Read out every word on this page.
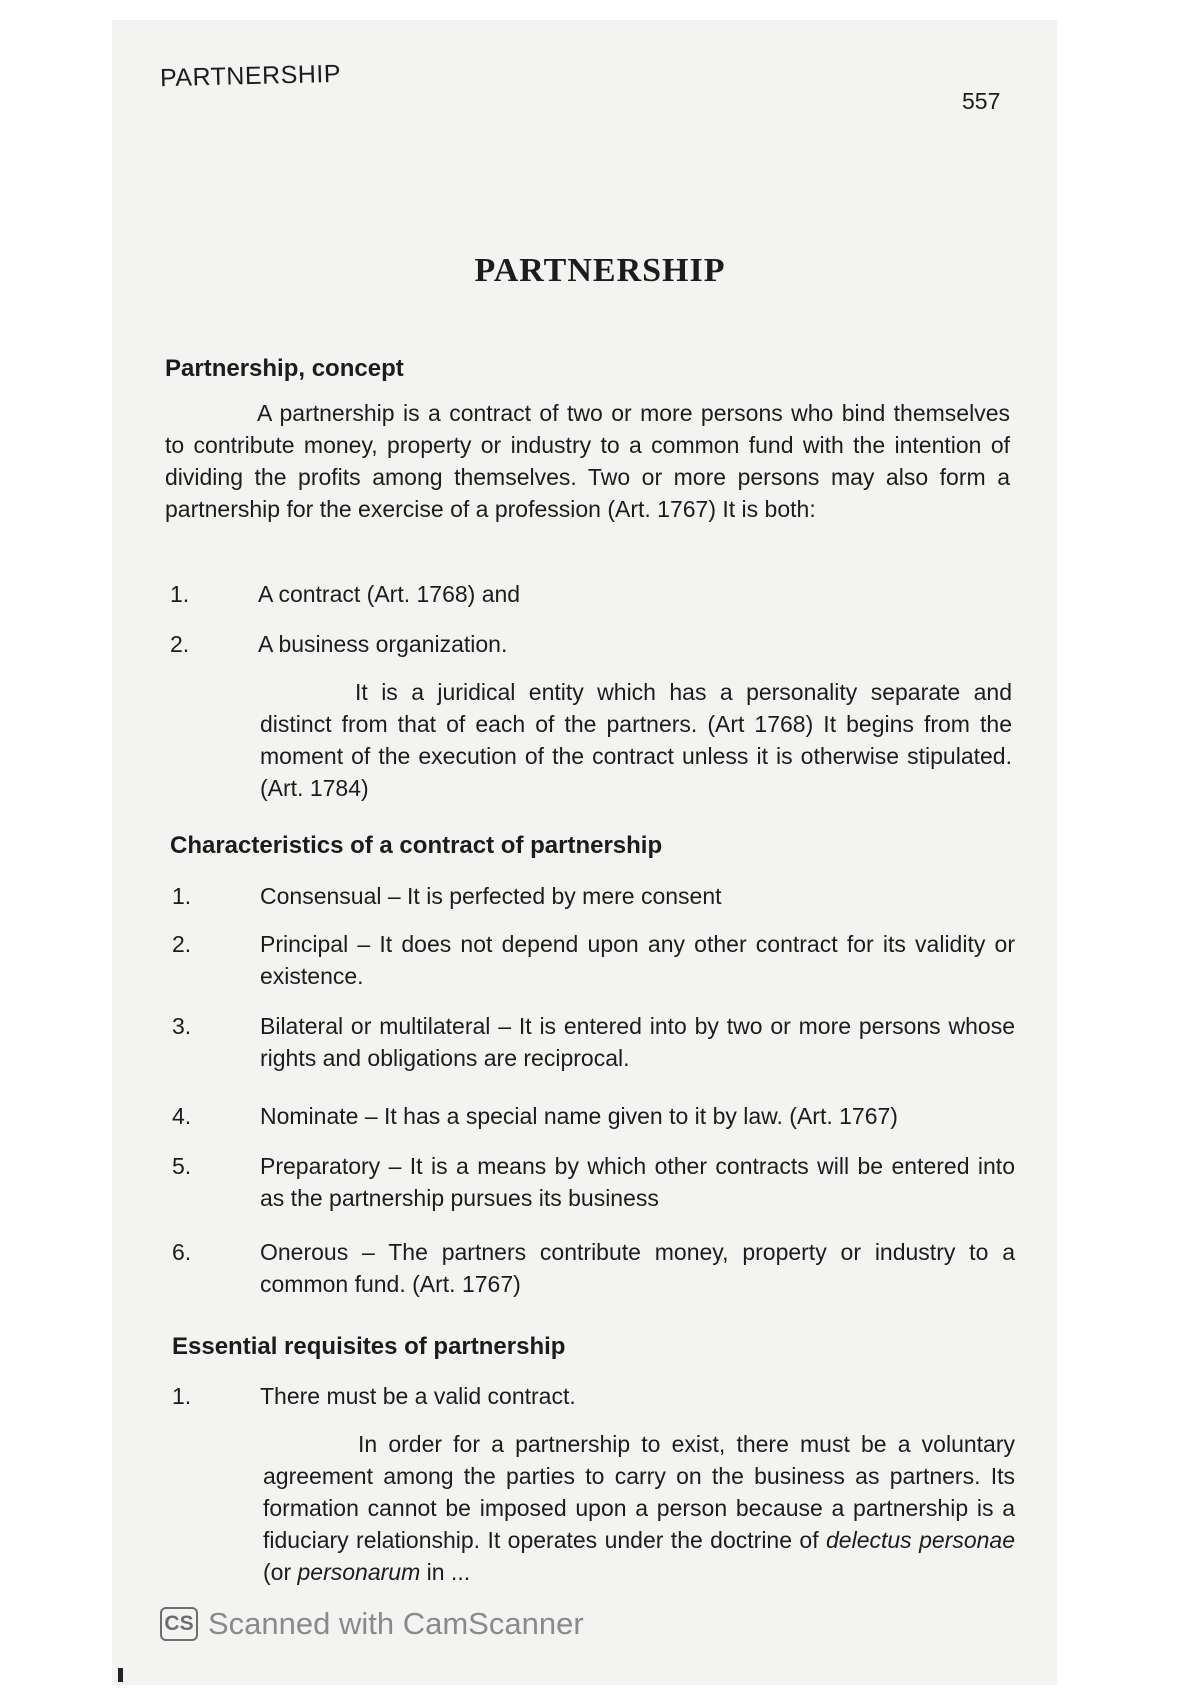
PARTNERSHIP
557
PARTNERSHIP
Partnership, concept
A partnership is a contract of two or more persons who bind themselves to contribute money, property or industry to a common fund with the intention of dividing the profits among themselves. Two or more persons may also form a partnership for the exercise of a profession (Art. 1767) It is both:
1.	A contract (Art. 1768) and
2.	A business organization.
It is a juridical entity which has a personality separate and distinct from that of each of the partners. (Art 1768) It begins from the moment of the execution of the contract unless it is otherwise stipulated. (Art. 1784)
Characteristics of a contract of partnership
1.	Consensual – It is perfected by mere consent
2.	Principal – It does not depend upon any other contract for its validity or existence.
3.	Bilateral or multilateral – It is entered into by two or more persons whose rights and obligations are reciprocal.
4.	Nominate – It has a special name given to it by law. (Art. 1767)
5.	Preparatory – It is a means by which other contracts will be entered into as the partnership pursues its business
6.	Onerous – The partners contribute money, property or industry to a common fund. (Art. 1767)
Essential requisites of partnership
1.	There must be a valid contract.
In order for a partnership to exist, there must be a voluntary agreement among the parties to carry on the business as partners. Its formation cannot be imposed upon a person because a partnership is a fiduciary relationship. It operates under the doctrine of delectus personae (or personarum in ...
CS Scanned with CamScanner
